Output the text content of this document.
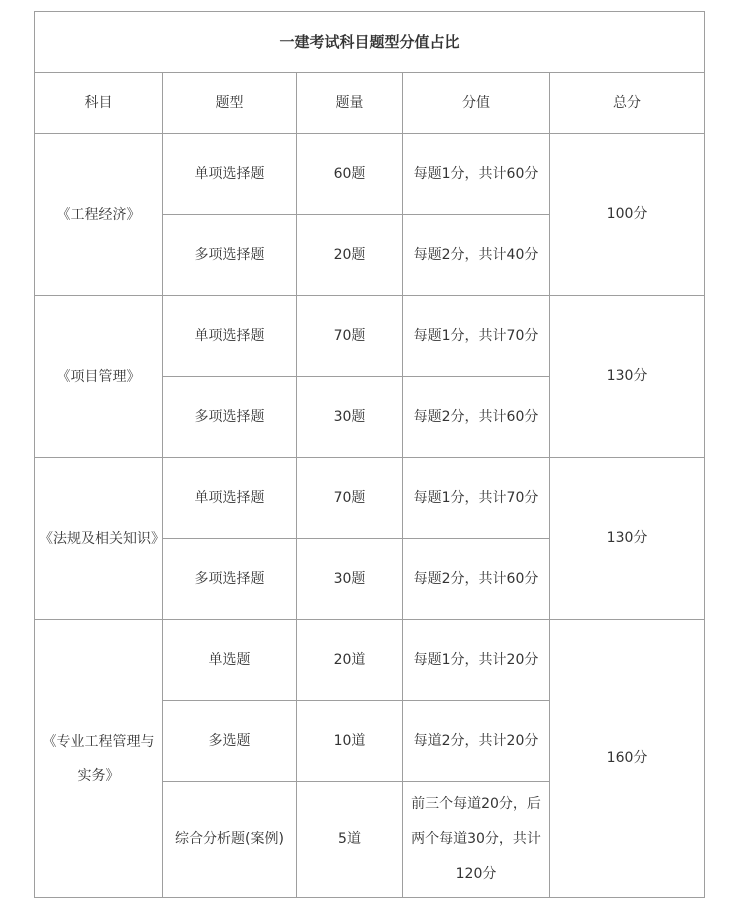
一建考试科目题型分值占比				
科目	题型	题量	分值	总分
《工程经济》	单项选择题	60题	每题1分，共计60分	100分
	多项选择题	20题	每题2分，共计40分	
《项目管理》	单项选择题	70题	每题1分，共计70分	130分
	多项选择题	30题	每题2分，共计60分	
《法规及相关知识》	单项选择题	70题	每题1分，共计70分	130分
	多项选择题	30题	每题2分，共计60分	
《专业工程管理与实务》	单选题	20道	每题1分，共计20分	160分
	多选题	10道	每道2分，共计20分	
	综合分析题(案例)	5道	前三个每道20分，后两个每道30分，共计120分	
